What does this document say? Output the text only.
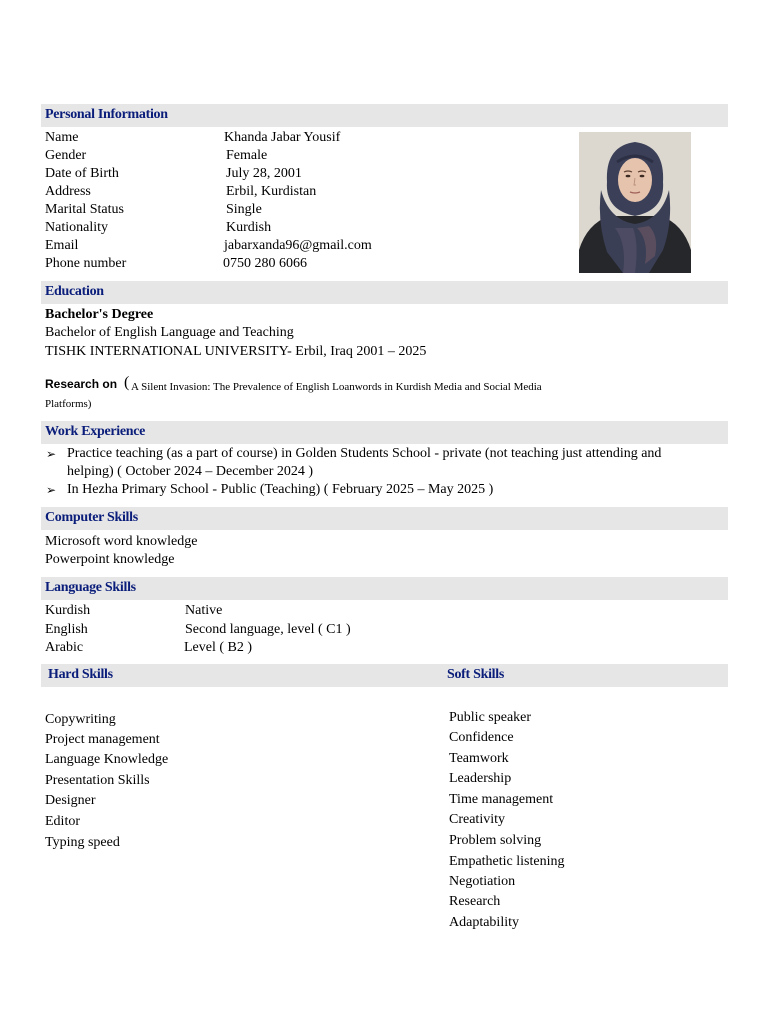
Personal Information
Name
Gender
Date of Birth
Address
Marital Status
Nationality
Email
Phone number
Khanda Jabar Yousif
Female
July 28, 2001
Erbil, Kurdistan
Single
Kurdish
jabarxanda96@gmail.com
0750 280 6066
Education
Bachelor's Degree
Bachelor of English Language and Teaching
TISHK INTERNATIONAL UNIVERSITY- Erbil, Iraq 2001 – 2025
Research on ( A Silent Invasion: The Prevalence of English Loanwords in Kurdish Media and Social Media
Platforms)
Work Experience
➢ Practice teaching (as a part of course) in Golden Students School - private (not teaching just attending and
helping) ( October 2024 – December 2024 )
➢ In Hezha Primary School - Public (Teaching) ( February 2025 – May 2025 )
Computer Skills
Microsoft word knowledge
Powerpoint knowledge
Language Skills
Kurdish
English
Arabic
Native
Second language, level ( C1 )
Level ( B2 )
Hard Skills	Soft Skills
Copywriting
Project management
Language Knowledge
Presentation Skills
Designer
Editor
Typing speed
Public speaker
Confidence
Teamwork
Leadership
Time management
Creativity
Problem solving
Empathetic listening
Negotiation
Research
Adaptability
